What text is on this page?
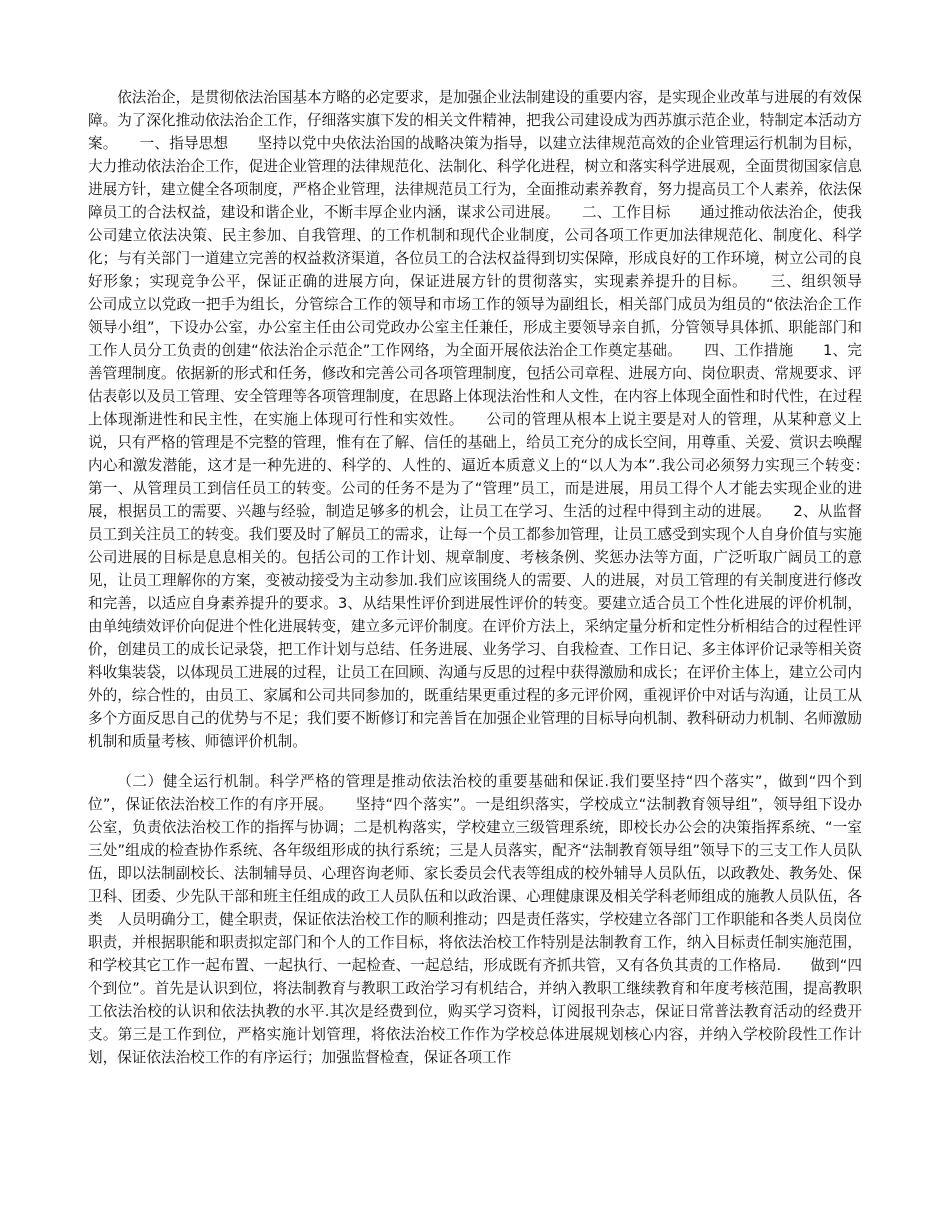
依法治企，是贯彻依法治国基本方略的必定要求，是加强企业法制建设的重要内容，是实现企业改革与进展的有效保障。为了深化推动依法治企工作，仔细落实旗下发的相关文件精神，把我公司建设成为西苏旗示范企业，特制定本活动方案。　　一、指导思想　　坚持以党中央依法治国的战略决策为指导，以建立法律规范高效的企业管理运行机制为目标，大力推动依法治企工作，促进企业管理的法律规范化、法制化、科学化进程，树立和落实科学进展观，全面贯彻国家信息进展方针，建立健全各项制度，严格企业管理，法律规范员工行为，全面推动素养教育，努力提高员工个人素养，依法保障员工的合法权益，建设和谐企业，不断丰厚企业内涵，谋求公司进展。　　二、工作目标　　通过推动依法治企，使我公司建立依法决策、民主参加、自我管理、的工作机制和现代企业制度，公司各项工作更加法律规范化、制度化、科学化；与有关部门一道建立完善的权益救济渠道，各位员工的合法权益得到切实保障，形成良好的工作环境，树立公司的良好形象；实现竞争公平，保证正确的进展方向，保证进展方针的贯彻落实，实现素养提升的目标。　　三、组织领导　　公司成立以党政一把手为组长，分管综合工作的领导和市场工作的领导为副组长，相关部门成员为组员的“依法治企工作领导小组”，下设办公室，办公室主任由公司党政办公室主任兼任，形成主要领导亲自抓，分管领导具体抓、职能部门和工作人员分工负责的创建“依法治企示范企”工作网络，为全面开展依法治企工作奠定基础。　　四、工作措施　　1、完善管理制度。依据新的形式和任务，修改和完善公司各项管理制度，包括公司章程、进展方向、岗位职责、常规要求、评估表彰以及员工管理、安全管理等各项管理制度，在思路上体现法治性和人文性，在内容上体现全面性和时代性，在过程上体现渐进性和民主性，在实施上体现可行性和实效性。　　公司的管理从根本上说主要是对人的管理，从某种意义上说，只有严格的管理是不完整的管理，惟有在了解、信任的基础上，给员工充分的成长空间，用尊重、关爱、赏识去唤醒内心和激发潜能，这才是一种先进的、科学的、人性的、逼近本质意义上的“以人为本”.我公司必须努力实现三个转变：　　第一、从管理员工到信任员工的转变。公司的任务不是为了“管理”员工，而是进展，用员工得个人才能去实现企业的进展，根据员工的需要、兴趣与经验，制造足够多的机会，让员工在学习、生活的过程中得到主动的进展。　　2、从监督员工到关注员工的转变。我们要及时了解员工的需求，让每一个员工都参加管理，让员工感受到实现个人自身价值与实施公司进展的目标是息息相关的。包括公司的工作计划、规章制度、考核条例、奖惩办法等方面，广泛听取广阔员工的意见，让员工理解你的方案，变被动接受为主动参加.我们应该围绕人的需要、人的进展，对员工管理的有关制度进行修改和完善，以适应自身素养提升的要求。3、从结果性评价到进展性评价的转变。要建立适合员工个性化进展的评价机制，由单纯绩效评价向促进个性化进展转变，建立多元评价制度。在评价方法上，采纳定量分析和定性分析相结合的过程性评价，创建员工的成长记录袋，把工作计划与总结、任务进展、业务学习、自我检查、工作日记、多主体评价记录等相关资料收集装袋，以体现员工进展的过程，让员工在回顾、沟通与反思的过程中获得激励和成长；在评价主体上，建立公司内外的，综合性的，由员工、家属和公司共同参加的，既重结果更重过程的多元评价网，重视评价中对话与沟通，让员工从多个方面反思自己的优势与不足；我们要不断修订和完善旨在加强企业管理的目标导向机制、教科研动力机制、名师激励机制和质量考核、师德评价机制。

（二）健全运行机制。科学严格的管理是推动依法治校的重要基础和保证.我们要坚持“四个落实”，做到“四个到位”，保证依法治校工作的有序开展。　　坚持“四个落实”。一是组织落实，学校成立“法制教育领导组”，领导组下设办公室，负责依法治校工作的指挥与协调；二是机构落实，学校建立三级管理系统，即校长办公会的决策指挥系统、“一室三处”组成的检查协作系统、各年级组形成的执行系统；三是人员落实，配齐“法制教育领导组”领导下的三支工作人员队伍，即以法制副校长、法制辅导员、心理咨询老师、家长委员会代表等组成的校外辅导人员队伍，以政教处、教务处、保卫科、团委、少先队干部和班主任组成的政工人员队伍和以政治课、心理健康课及相关学科老师组成的施教人员队伍，各类　人员明确分工，健全职责，保证依法治校工作的顺利推动；四是责任落实，学校建立各部门工作职能和各类人员岗位职责，并根据职能和职责拟定部门和个人的工作目标，将依法治校工作特别是法制教育工作，纳入目标责任制实施范围，和学校其它工作一起布置、一起执行、一起检查、一起总结，形成既有齐抓共管，又有各负其责的工作格局.　　做到“四个到位”。首先是认识到位，将法制教育与教职工政治学习有机结合，并纳入教职工继续教育和年度考核范围，提高教职工依法治校的认识和依法执教的水平.其次是经费到位，购买学习资料，订阅报刊杂志，保证日常普法教育活动的经费开支。第三是工作到位，严格实施计划管理，将依法治校工作作为学校总体进展规划核心内容，并纳入学校阶段性工作计划，保证依法治校工作的有序运行；加强监督检查，保证各项工作
